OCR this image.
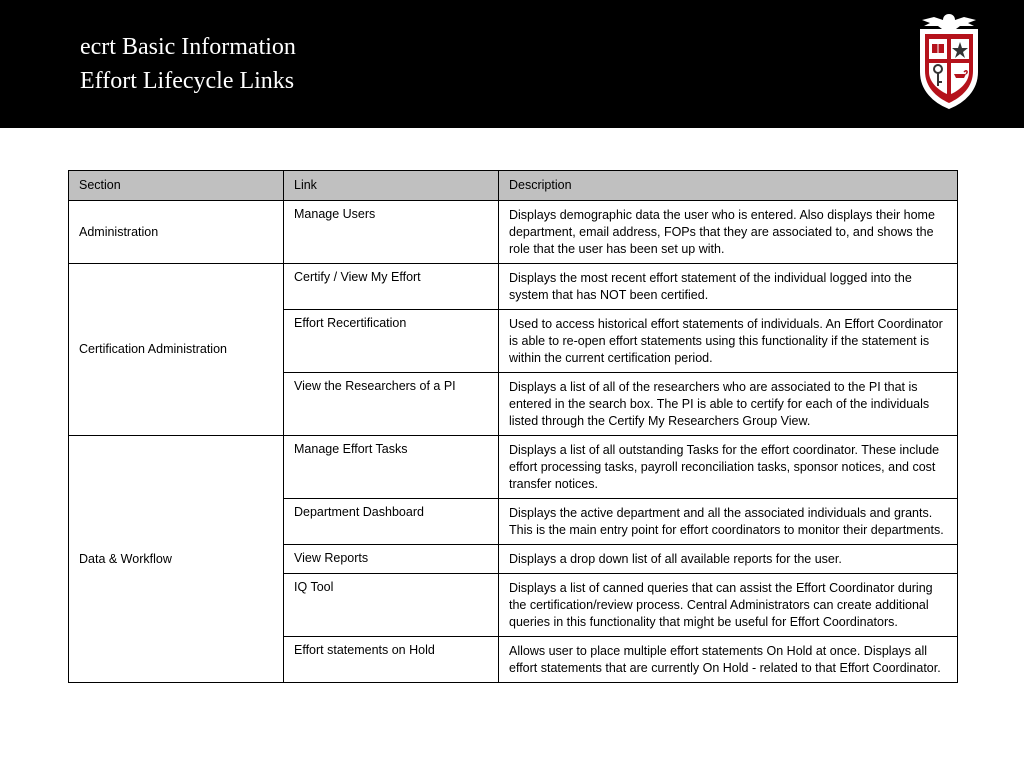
ecrt Basic Information
Effort Lifecycle Links
Section	Link	Description
Administration	Manage Users	Displays demographic data the user who is entered. Also displays their home department, email address, FOPs that they are associated to, and shows the role that the user has been set up with.
Certification Administration	Certify / View My Effort	Displays the most recent effort statement of the individual logged into the system that has NOT been certified.
	Effort Recertification	Used to access historical effort statements of individuals. An Effort Coordinator is able to re-open effort statements using this functionality if the statement is within the current certification period.
	View the Researchers of a PI	Displays a list of all of the researchers who are associated to the PI that is entered in the search box. The PI is able to certify for each of the individuals listed through the Certify My Researchers Group View.
Data & Workflow	Manage Effort Tasks	Displays a list of all outstanding Tasks for the effort coordinator. These include effort processing tasks, payroll reconciliation tasks, sponsor notices, and cost transfer notices.
	Department Dashboard	Displays the active department and all the associated individuals and grants. This is the main entry point for effort coordinators to monitor their departments.
	View Reports	Displays a drop down list of all available reports for the user.
	IQ Tool	Displays a list of canned queries that can assist the Effort Coordinator during the certification/review process. Central Administrators can create additional queries in this functionality that might be useful for Effort Coordinators.
	Effort statements on Hold	Allows user to place multiple effort statements On Hold at once. Displays all effort statements that are currently On Hold - related to that Effort Coordinator.
